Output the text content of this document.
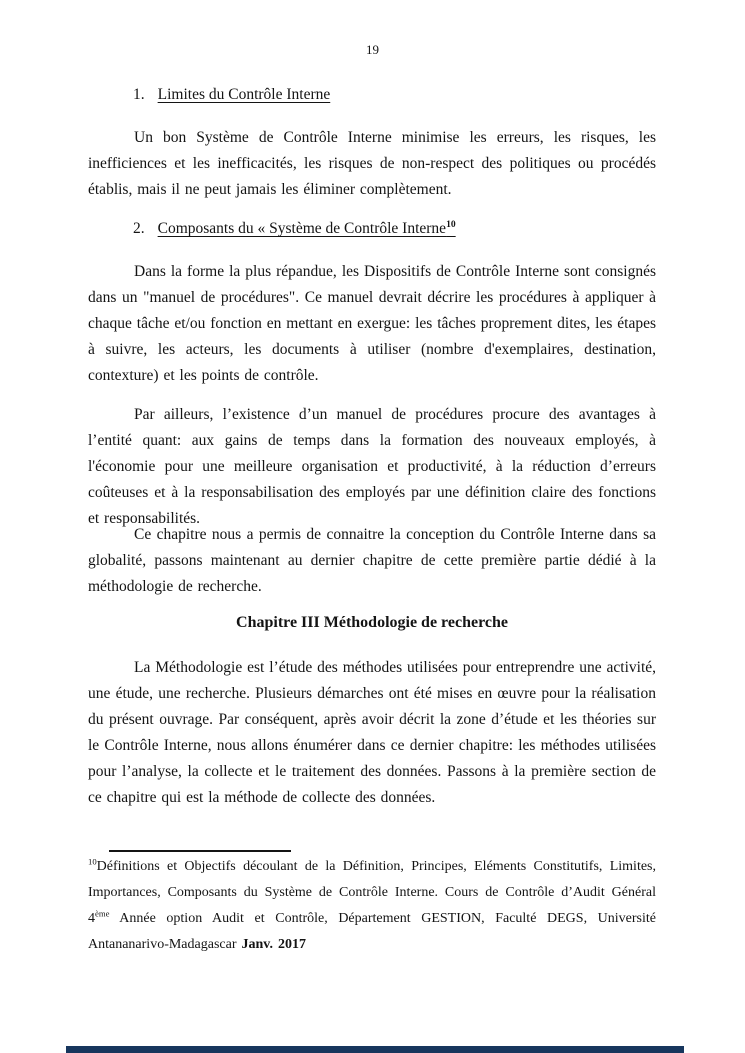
19
1. Limites du Contrôle Interne

Un bon Système de Contrôle Interne minimise les erreurs, les risques, les inefficiences et les inefficacités, les risques de non-respect des politiques ou procédés établis, mais il ne peut jamais les éliminer complètement.

2. Composants du « Système de Contrôle Interne$^{10}$

Dans la forme la plus répandue, les Dispositifs de Contrôle Interne sont consignés dans un "manuel de procédures". Ce manuel devrait décrire les procédures à appliquer à chaque tâche et/ou fonction en mettant en exergue: les tâches proprement dites, les étapes à suivre, les acteurs, les documents à utiliser (nombre d'exemplaires, destination, contexture) et les points de contrôle.

Par ailleurs, l’existence d’un manuel de procédures procure des avantages à l’entité quant: aux gains de temps dans la formation des nouveaux employés, à l'économie pour une meilleure organisation et productivité, à la réduction d’erreurs coûteuses et à la responsabilisation des employés par une définition claire des fonctions et responsabilités.

Ce chapitre nous a permis de connaitre la conception du Contrôle Interne dans sa globalité, passons maintenant au dernier chapitre de cette première partie dédié à la méthodologie de recherche.

Chapitre III Méthodologie de recherche

La Méthodologie est l’étude des méthodes utilisées pour entreprendre une activité, une étude, une recherche. Plusieurs démarches ont été mises en œuvre pour la réalisation du présent ouvrage. Par conséquent, après avoir décrit la zone d’étude et les théories sur le Contrôle Interne, nous allons énumérer dans ce dernier chapitre: les méthodes utilisées pour l’analyse, la collecte et le traitement des données. Passons à la première section de ce chapitre qui est la méthode de collecte des données.

$^{10}$Définitions et Objectifs découlant de la Définition, Principes, Eléments Constitutifs, Limites, Importances, Composants du Système de Contrôle Interne. Cours de Contrôle d’Audit Général 4ème Année option Audit et Contrôle, Département GESTION, Faculté DEGS, Université Antananarivo-Madagascar Janv. 2017
